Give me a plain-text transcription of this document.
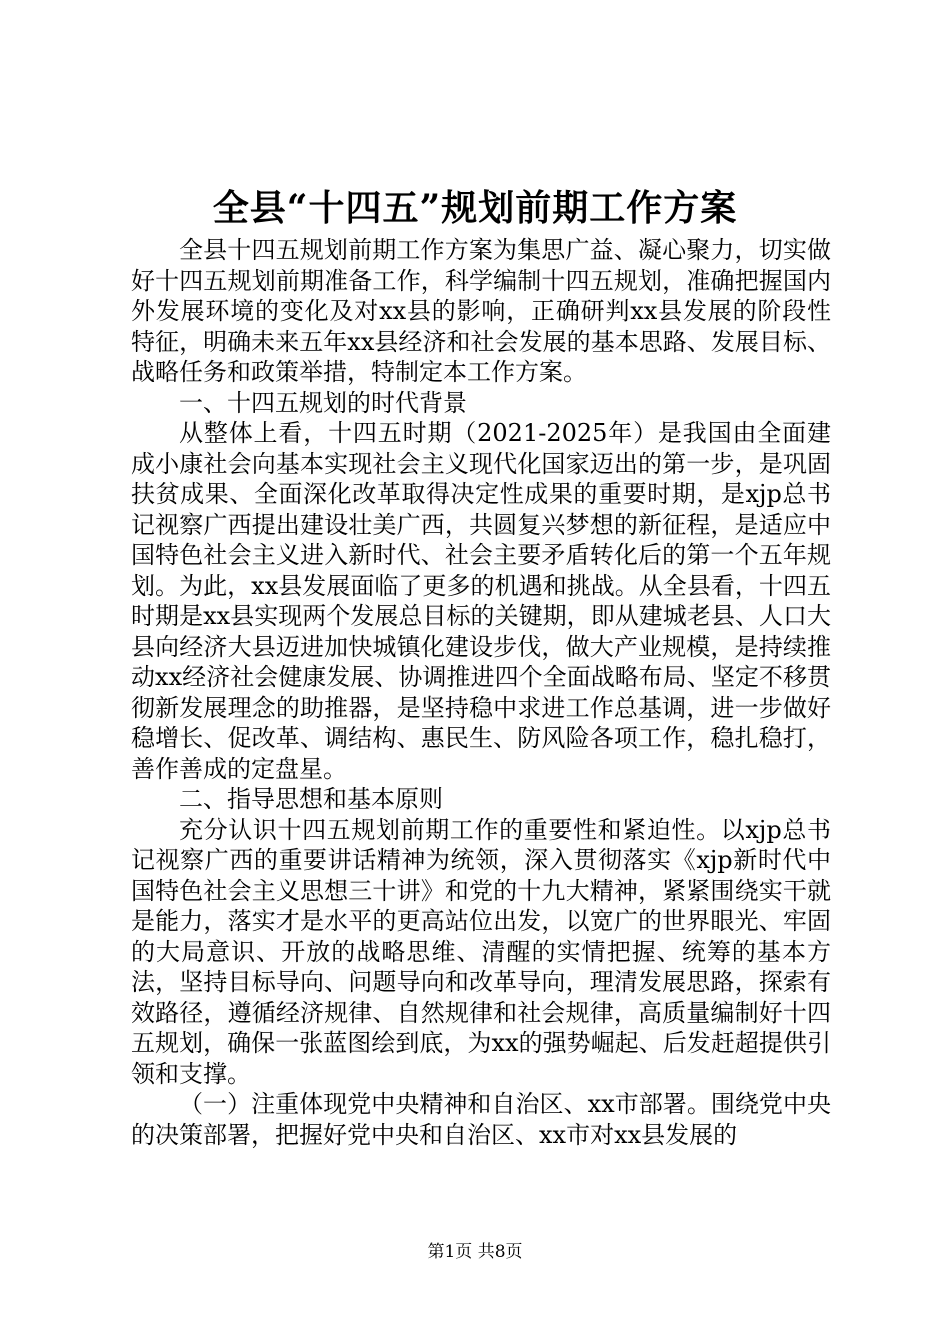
全县“十四五”规划前期工作方案

全县十四五规划前期工作方案为集思广益、凝心聚力，切实做好十四五规划前期准备工作，科学编制十四五规划，准确把握国内外发展环境的变化及对xx县的影响，正确研判xx县发展的阶段性特征，明确未来五年xx县经济和社会发展的基本思路、发展目标、战略任务和政策举措，特制定本工作方案。

一、十四五规划的时代背景

从整体上看，十四五时期（2021-2025年）是我国由全面建成小康社会向基本实现社会主义现代化国家迈出的第一步，是巩固扶贫成果、全面深化改革取得决定性成果的重要时期，是xjp总书记视察广西提出建设壮美广西，共圆复兴梦想的新征程，是适应中国特色社会主义进入新时代、社会主要矛盾转化后的第一个五年规划。为此，xx县发展面临了更多的机遇和挑战。从全县看，十四五时期是xx县实现两个发展总目标的关键期，即从建城老县、人口大县向经济大县迈进加快城镇化建设步伐，做大产业规模，是持续推动xx经济社会健康发展、协调推进四个全面战略布局、坚定不移贯彻新发展理念的助推器，是坚持稳中求进工作总基调，进一步做好稳增长、促改革、调结构、惠民生、防风险各项工作，稳扎稳打，善作善成的定盘星。

二、指导思想和基本原则

充分认识十四五规划前期工作的重要性和紧迫性。以xjp总书记视察广西的重要讲话精神为统领，深入贯彻落实《xjp新时代中国特色社会主义思想三十讲》和党的十九大精神，紧紧围绕实干就是能力，落实才是水平的更高站位出发，以宽广的世界眼光、牢固的大局意识、开放的战略思维、清醒的实情把握、统筹的基本方法，坚持目标导向、问题导向和改革导向，理清发展思路，探索有效路径，遵循经济规律、自然规律和社会规律，高质量编制好十四五规划，确保一张蓝图绘到底，为xx的强势崛起、后发赶超提供引领和支撑。

（一）注重体现党中央精神和自治区、xx市部署。围绕党中央的决策部署，把握好党中央和自治区、xx市对xx县发展的

第1页 共8页
